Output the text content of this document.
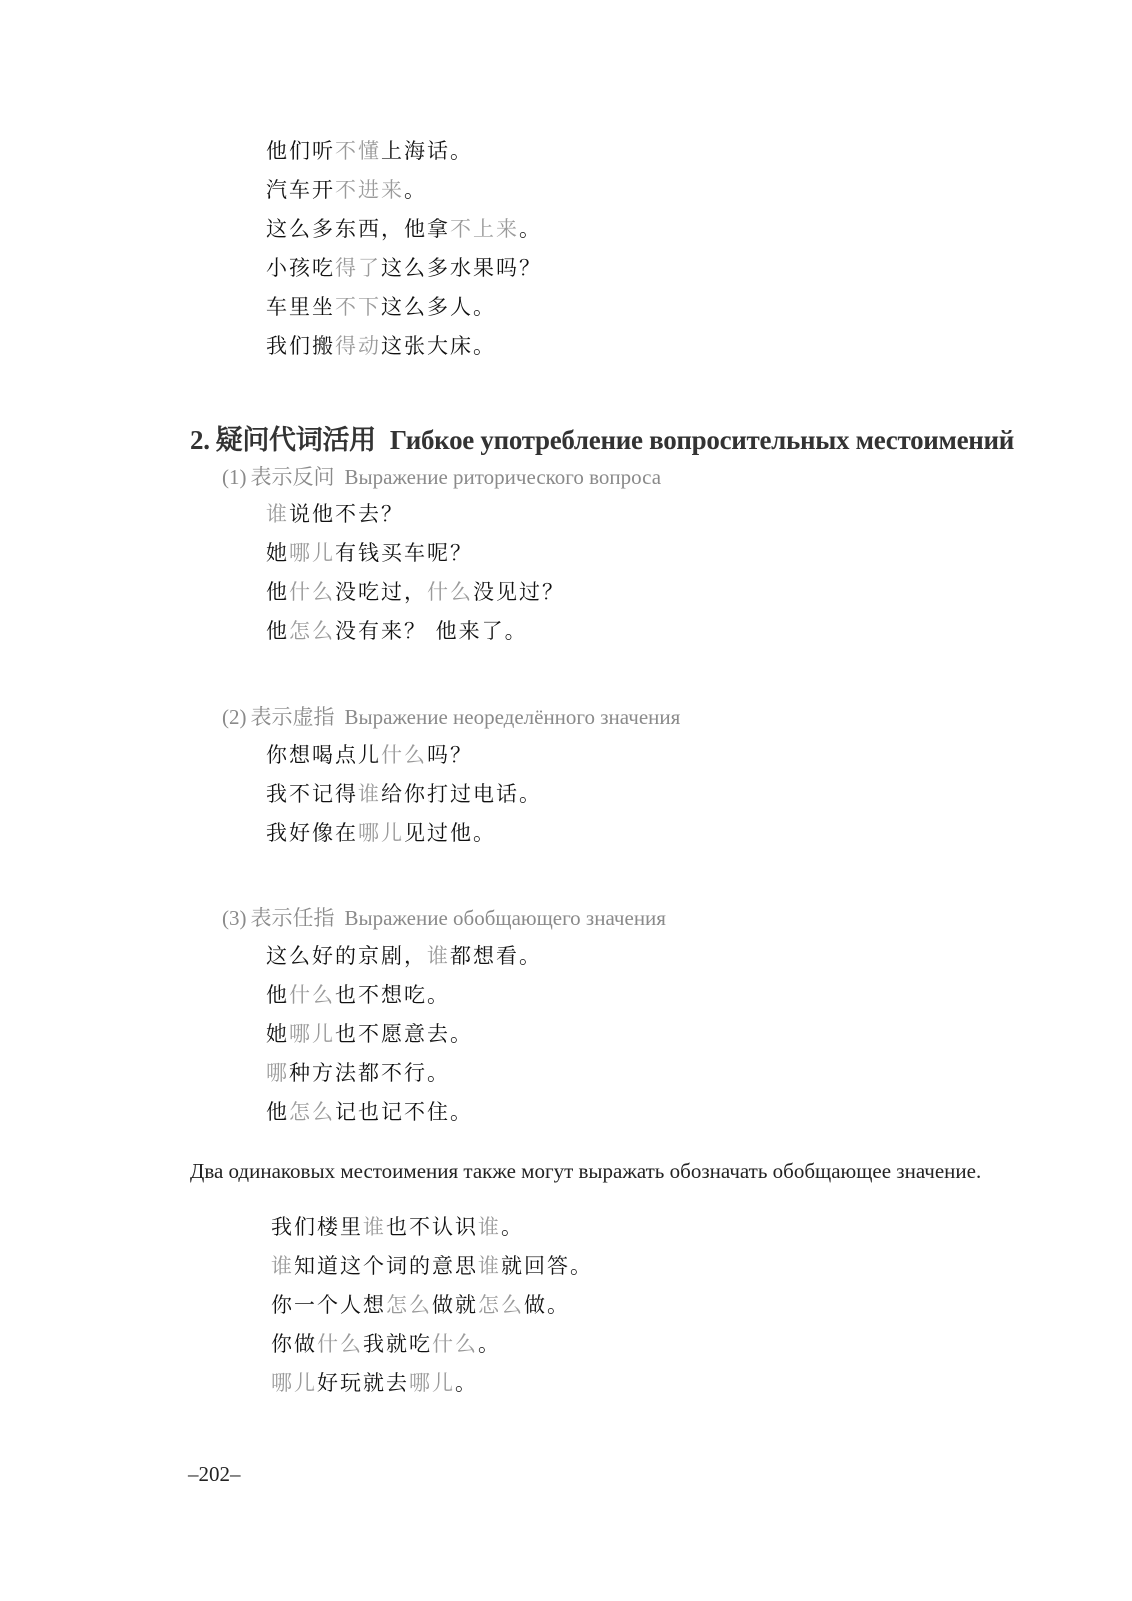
他们听不懂上海话。
汽车开不进来。
这么多东西，他拿不上来。
小孩吃得了这么多水果吗？
车里坐不下这么多人。
我们搬得动这张大床。
2. 疑问代词活用 Гибкое употребление вопросительных местоимений
(1) 表示反问 Выражение риторического вопроса
谁说他不去？
她哪儿有钱买车呢？
他什么没吃过，什么没见过？
他怎么没有来？ 他来了。
(2) 表示虚指 Выражение неоределённого значения
你想喝点儿什么吗？
我不记得谁给你打过电话。
我好像在哪儿见过他。
(3) 表示任指 Выражение обобщающего значения
这么好的京剧，谁都想看。
他什么也不想吃。
她哪儿也不愿意去。
哪种方法都不行。
他怎么记也记不住。
Два одинаковых местоимения также могут выражать обозначать обобщающее значение.
我们楼里谁也不认识谁。
谁知道这个词的意思谁就回答。
你一个人想怎么做就怎么做。
你做什么我就吃什么。
哪儿好玩就去哪儿。
–202–
